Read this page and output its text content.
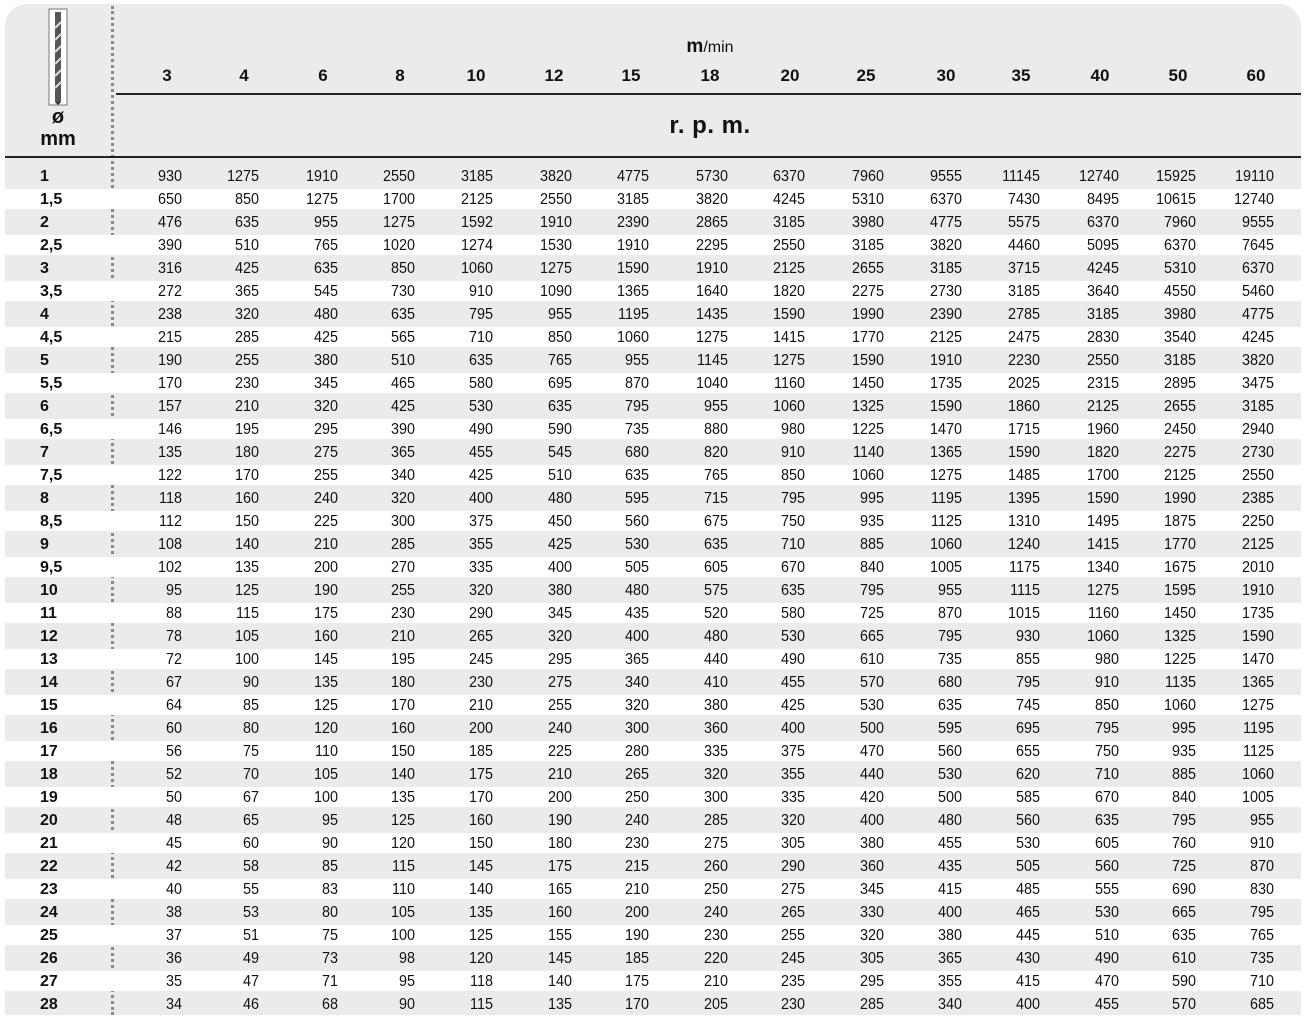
m/min
3	4	6	8	10	12	15	18	20	25	30	35	40	50	60
r. p. m.
ø
mm
1	930	1275	1910	2550	3185	3820	4775	5730	6370	7960	9555	11145	12740	15925	19110
1,5	650	850	1275	1700	2125	2550	3185	3820	4245	5310	6370	7430	8495	10615	12740
2	476	635	955	1275	1592	1910	2390	2865	3185	3980	4775	5575	6370	7960	9555
2,5	390	510	765	1020	1274	1530	1910	2295	2550	3185	3820	4460	5095	6370	7645
3	316	425	635	850	1060	1275	1590	1910	2125	2655	3185	3715	4245	5310	6370
3,5	272	365	545	730	910	1090	1365	1640	1820	2275	2730	3185	3640	4550	5460
4	238	320	480	635	795	955	1195	1435	1590	1990	2390	2785	3185	3980	4775
4,5	215	285	425	565	710	850	1060	1275	1415	1770	2125	2475	2830	3540	4245
5	190	255	380	510	635	765	955	1145	1275	1590	1910	2230	2550	3185	3820
5,5	170	230	345	465	580	695	870	1040	1160	1450	1735	2025	2315	2895	3475
6	157	210	320	425	530	635	795	955	1060	1325	1590	1860	2125	2655	3185
6,5	146	195	295	390	490	590	735	880	980	1225	1470	1715	1960	2450	2940
7	135	180	275	365	455	545	680	820	910	1140	1365	1590	1820	2275	2730
7,5	122	170	255	340	425	510	635	765	850	1060	1275	1485	1700	2125	2550
8	118	160	240	320	400	480	595	715	795	995	1195	1395	1590	1990	2385
8,5	112	150	225	300	375	450	560	675	750	935	1125	1310	1495	1875	2250
9	108	140	210	285	355	425	530	635	710	885	1060	1240	1415	1770	2125
9,5	102	135	200	270	335	400	505	605	670	840	1005	1175	1340	1675	2010
10	95	125	190	255	320	380	480	575	635	795	955	1115	1275	1595	1910
11	88	115	175	230	290	345	435	520	580	725	870	1015	1160	1450	1735
12	78	105	160	210	265	320	400	480	530	665	795	930	1060	1325	1590
13	72	100	145	195	245	295	365	440	490	610	735	855	980	1225	1470
14	67	90	135	180	230	275	340	410	455	570	680	795	910	1135	1365
15	64	85	125	170	210	255	320	380	425	530	635	745	850	1060	1275
16	60	80	120	160	200	240	300	360	400	500	595	695	795	995	1195
17	56	75	110	150	185	225	280	335	375	470	560	655	750	935	1125
18	52	70	105	140	175	210	265	320	355	440	530	620	710	885	1060
19	50	67	100	135	170	200	250	300	335	420	500	585	670	840	1005
20	48	65	95	125	160	190	240	285	320	400	480	560	635	795	955
21	45	60	90	120	150	180	230	275	305	380	455	530	605	760	910
22	42	58	85	115	145	175	215	260	290	360	435	505	560	725	870
23	40	55	83	110	140	165	210	250	275	345	415	485	555	690	830
24	38	53	80	105	135	160	200	240	265	330	400	465	530	665	795
25	37	51	75	100	125	155	190	230	255	320	380	445	510	635	765
26	36	49	73	98	120	145	185	220	245	305	365	430	490	610	735
27	35	47	71	95	118	140	175	210	235	295	355	415	470	590	710
28	34	46	68	90	115	135	170	205	230	285	340	400	455	570	685
